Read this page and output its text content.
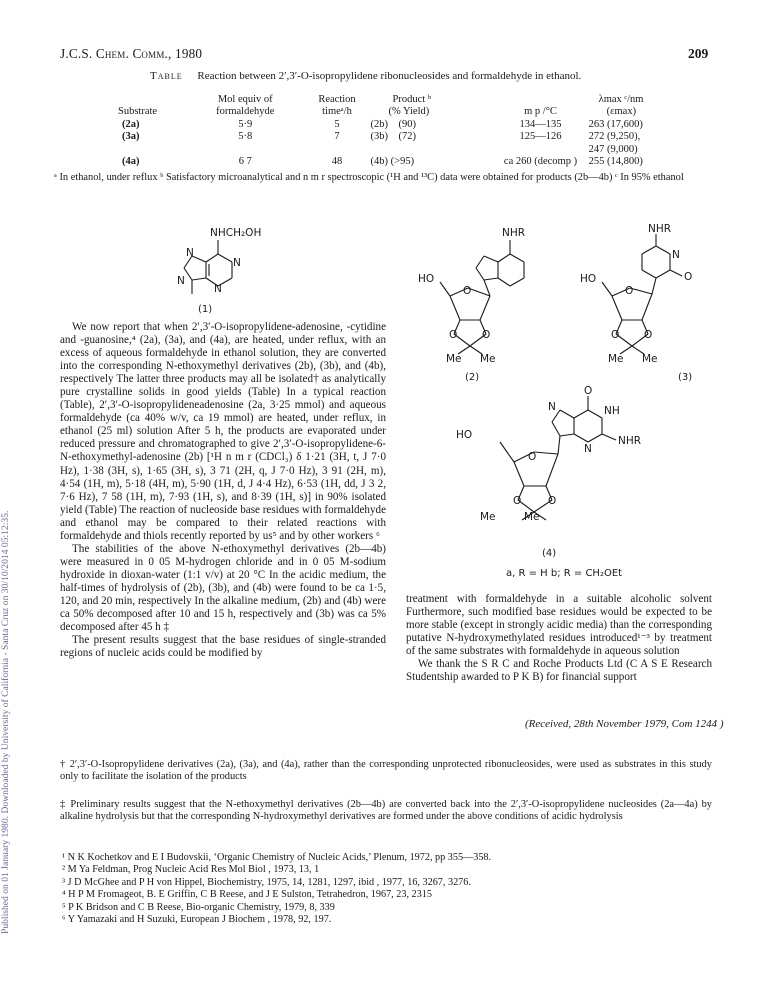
Published on 01 January 1980. Downloaded by University of California - Santa Cruz on 30/10/2014 05:12:35.
J.C.S. Chem. Comm., 1980	209
Table Reaction between 2′,3′-O-isopropylidene ribonucleosides and formaldehyde in ethanol.
	Mol equiv of	Reaction	Product ᵇ		λmax ᶜ/nm
Substrate	formaldehyde	timeᵃ/h	(% Yield)	m p /°C	(εmax)
(2a)	5·9	5	(2b)    (90)	134—135	263 (17,600)
(3a)	5·8	7	(3b)    (72)	125—126	272 (9,250),
					247 (9,000)
(4a)	6 7	48	(4b) (>95)	ca 260 (decomp )	255 (14,800)
ᵃ In ethanol, under reflux ᵇ Satisfactory microanalytical and n m r spectroscopic (¹H and ¹³C) data were obtained for products (2b—4b) ᶜ In 95% ethanol
NHCH₂OH
N
N
N
N
(1)
NHR
HO
O
O O
Me Me
(2)
NHR
N
O
HO
O
O O
Me Me
(3)
O
NH
NHR
N
N
HO
O
O	O
Me	Me
(4)
a, R = H b; R = CH₂OEt

We now report that when 2′,3′-O-isopropylidene-adenosine, -cytidine and -guanosine,⁴ (2a), (3a), and (4a), are heated, under reflux, with an excess of aqueous formaldehyde in ethanol solution, they are converted into the corresponding N-ethoxymethyl derivatives (2b), (3b), and (4b), respectively The latter three products may all be isolated† as analytically pure crystalline solids in good yields (Table) In a typical reaction (Table), 2′,3′-O-isopropylideneadenosine (2a, 3·25 mmol) and aqueous formaldehyde (ca 40% w/v, ca 19 mmol) are heated, under reflux, in ethanol (25 ml) solution After 5 h, the products are evaporated under reduced pressure and chromatographed to give 2′,3′-O-isopropylidene-6-N-ethoxymethyl-adenosine (2b) [¹H n m r (CDCl₃) δ 1·21 (3H, t, J 7·0 Hz), 1·38 (3H, s), 1·65 (3H, s), 3 71 (2H, q, J 7·0 Hz), 3 91 (2H, m), 4·54 (1H, m), 5·18 (4H, m), 5·90 (1H, d, J 4·4 Hz), 6·53 (1H, dd, J 3 2, 7·6 Hz), 7 58 (1H, m), 7·93 (1H, s), and 8·39 (1H, s)] in 90% isolated yield (Table) The reaction of nucleoside base residues with formaldehyde and ethanol may be compared to their related reactions with formaldehyde and thiols recently reported by us⁵ and by other workers ⁶

The stabilities of the above N-ethoxymethyl derivatives (2b—4b) were measured in 0 05 M-hydrogen chloride and in 0 05 M-sodium hydroxide in dioxan-water (1:1 v/v) at 20 °C In the acidic medium, the half-times of hydrolysis of (2b), (3b), and (4b) were found to be ca 1·5, 120, and 20 min, respectively In the alkaline medium, (2b) and (4b) were ca 50% decomposed after 10 and 15 h, respectively and (3b) was ca 5% decomposed after 45 h ‡

The present results suggest that the base residues of single-stranded regions of nucleic acids could be modified by

treatment with formaldehyde in a suitable alcoholic solvent Furthermore, such modified base residues would be expected to be more stable (except in strongly acidic media) than the corresponding putative N-hydroxymethylated residues introduced¹⁻³ by treatment of the same substrates with formaldehyde in aqueous solution

We thank the S R C and Roche Products Ltd (C A S E Research Studentship awarded to P K B) for financial support

(Received, 28th November 1979, Com 1244 )
† 2′,3′-O-Isopropylidene derivatives (2a), (3a), and (4a), rather than the corresponding unprotected ribonucleosides, were used as substrates in this study only to facilitate the isolation of the products
‡ Preliminary results suggest that the N-ethoxymethyl derivatives (2b—4b) are converted back into the 2′,3′-O-isopropylidene nucleosides (2a—4a) by alkaline hydrolysis but that the corresponding N-hydroxymethyl derivatives are formed under the above conditions of acidic hydrolysis
¹ N K Kochetkov and E I Budovskii, ‘Organic Chemistry of Nucleic Acids,’ Plenum, 1972, pp 355—358.
² M Ya Feldman, Prog Nucleic Acid Res Mol Biol , 1973, 13, 1
³ J D McGhee and P H von Hippel, Biochemistry, 1975, 14, 1281, 1297, ibid , 1977, 16, 3267, 3276.
⁴ H P M Fromageot, B. E Griffin, C B Reese, and J E Sulston, Tetrahedron, 1967, 23, 2315
⁵ P K Bridson and C B Reese, Bio-organic Chemistry, 1979, 8, 339
⁶ Y Yamazaki and H Suzuki, European J Biochem , 1978, 92, 197.
